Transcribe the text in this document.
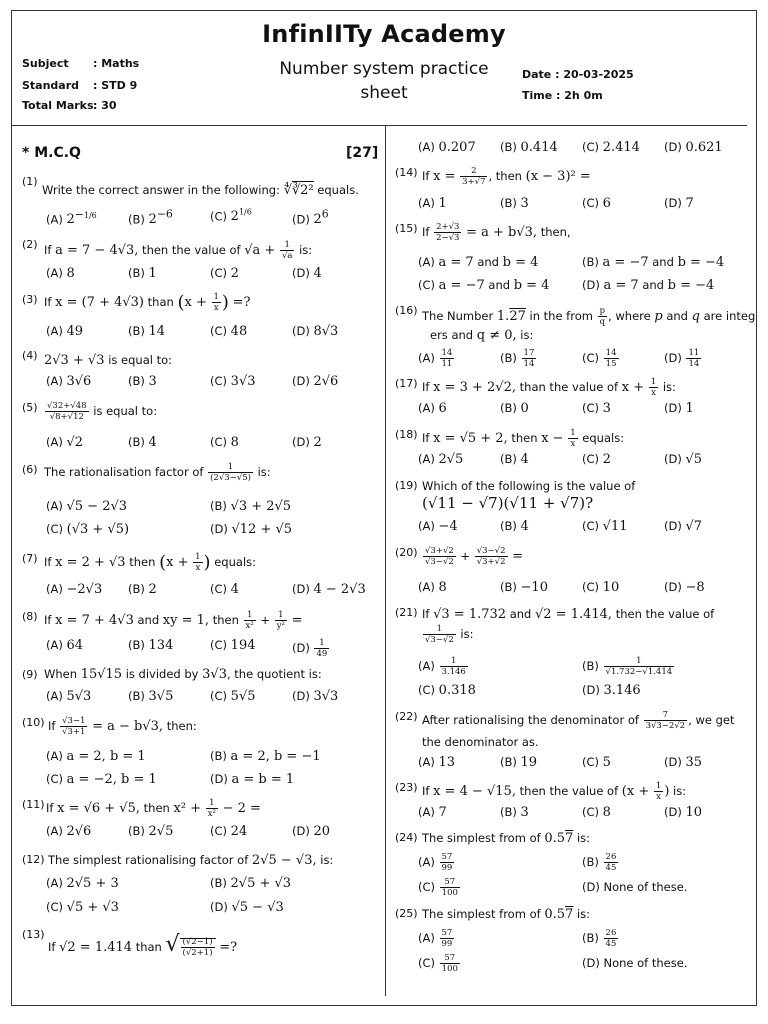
InfinIITy Academy
Subject : Maths
Standard : STD 9
Total Marks : 30
Number system practice
sheet
Date : 20-03-2025
Time : 2h 0m
* M.C.Q	[27]
(1)
Write the correct answer in the following: ∜∛2² equals.
(A) $2^{-1/6}$	(B) $2^{-6}$	(C) $2^{1/6}$	(D) $2^6$
(2) If a = 7 − 4√3, then the value of $√a + \frac{1}{√a}$ is:
(A) 8	(B) 1	(C) 2	(D) 4
(3) If x = (7 + 4√3) than ($x + \frac{1}{x}$ ) =?
(A) 49	(B) 14	(C) 48	(D) 8√3
(4) 2√3 + √3 is equal to:
(A) 3√6	(B) 3	(C) 3√3	(D) 2√6
$(5) \frac{√32+√48}{√8+√12}$ is equal to:
(A) √2	(B) 4	(C) 8	(D) 2
(6) The rationalisation factor of $\frac{1}{(2√3-√5)}$ is:
(A) √5 − 2√3	(B) √3 + 2√5
(C) (√3 + √5)	(D) √12 + √5
(7) If x = 2 + √3 then ($x + \frac{1}{x}$ ) equals:
(A) −2√3 (B) 2	(C) 4	(D) 4 − 2√3
(8) If x = 7 + 4√3 and xy = 1, then $\frac{1}{\text{x²}} + \frac{1}{\text{y²}}$ =
(A) 64	(B) 134	(C) 194	$(D) \frac{1}{49}$
(9) When 15√15 is divided by 3√3, the quotient is:
(A) 5√3	(B) 3√5	(C) 5√5	(D) 3√3
(10) If $\frac{√3-1}{√3+1} = a - b√3$, then:
(A) a = 2, b = 1	(B) a = 2, b = −1
(C) a = −2, b = 1	(D) a = b = 1
(11) If x = √6 + √5, then $x^2 + \frac{1}{\text{x²}} - 2$ =
(A) 2√6	(B) 2√5	(C) 24	(D) 20
(12) The simplest rationalising factor of 2√5 − √3, is:
(A) 2√5 + 3	(B) 2√5 + √3
(C) √5 + √3	(D) √5 − √3
(13)
If √2 = 1.414 than √ $\frac{(√2-1)}{(√2+1)}$ =?
(A) 0.207 (B) 0.414 (C) 2.414 (D) 0.621
(14) If $x = \frac{2}{3+√7}$ , then (x − 3)² =
(A) 1	(B) 3	(C) 6	(D) 7
(15) If $\frac{2+√3}{2-√3} = a + b√3$, then,
(A) a = 7 and b = 4	(B) a = −7 and b = −4
(C) a = −7 and b = 4	(D) a = 7 and b = −4
(16) The Number 1.27 in the from $\frac{p}{q}$ , where p and q are integ
ers and q ≠ 0, is:
$(A) \frac{14}{11}$	$(B) \frac{17}{14}$	$(C) \frac{14}{15}$	$(D) \frac{11}{14}$
(17) If x = 3 + 2√2, than the value of $x + \frac{1}{x}$ is:
(A) 6	(B) 0	(C) 3	(D) 1
(18) If x = √5 + 2, then $x - \frac{1}{x}$ equals:
(A) 2√5	(B) 4	(C) 2	(D) √5
(19) Which of the following is the value of
(√11 − √7)(√11 + √7)?
(A) −4	(B) 4	(C) √11	(D) √7
$(20) \frac{√3+√2}{√3-√2} + \frac{√3-√2}{√3+√2}$ =
(A) 8	(B) −10	(C) 10	(D) −8
(21) If √3 = 1.732 and √2 = 1.414, then the value of
$\frac{1}{√3-√2}$ is:
$(A) \frac{1}{3.146}$	$(B) \frac{1}{√1.732-√1.414}$
(C) 0.318	(D) 3.146
(22) After rationalising the denominator of $\frac{7}{3√3-2√2}$ , we get
the denominator as.
(A) 13	(B) 19	(C) 5	(D) 35
(23) If x = 4 − √15, then the value of ($x + \frac{1}{x}$ ) is:
(A) 7	(B) 3	(C) 8	(D) 10
(24) The simplest from of 0.57 is:
$(A) \frac{57}{99}$	$(B) \frac{26}{45}$
$(C) \frac{57}{100}$	(D) None of these.
(25) The simplest from of 0.57 is:
$(A) \frac{57}{99}$	$(B) \frac{26}{45}$
$(C) \frac{57}{100}$	(D) None of these.
